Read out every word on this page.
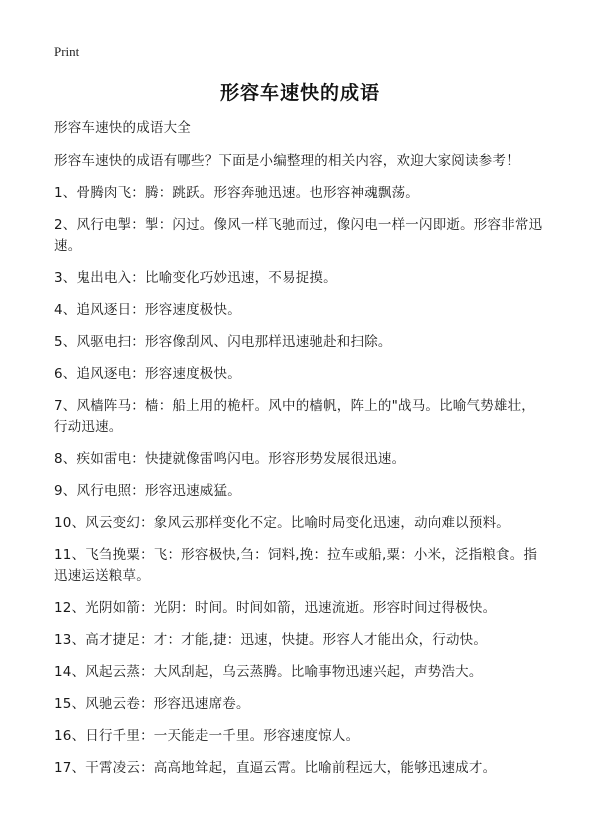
Print
形容车速快的成语

形容车速快的成语大全

形容车速快的成语有哪些？下面是小编整理的相关内容，欢迎大家阅读参考！

1、骨腾肉飞：腾：跳跃。形容奔驰迅速。也形容神魂飘荡。

2、风行电掣：掣：闪过。像风一样飞驰而过，像闪电一样一闪即逝。形容非常迅速。

3、鬼出电入：比喻变化巧妙迅速，不易捉摸。

4、追风逐日：形容速度极快。

5、风驱电扫：形容像刮风、闪电那样迅速驰赴和扫除。

6、追风逐电：形容速度极快。

7、风樯阵马：樯：船上用的桅杆。风中的樯帆，阵上的"战马。比喻气势雄壮，行动迅速。

8、疾如雷电：快捷就像雷鸣闪电。形容形势发展很迅速。

9、风行电照：形容迅速威猛。

10、风云变幻：象风云那样变化不定。比喻时局变化迅速，动向难以预料。

11、飞刍挽粟：飞：形容极快,刍：饲料,挽：拉车或船,粟：小米，泛指粮食。指迅速运送粮草。

12、光阴如箭：光阴：时间。时间如箭，迅速流逝。形容时间过得极快。

13、高才捷足：才：才能,捷：迅速，快捷。形容人才能出众，行动快。

14、风起云蒸：大风刮起，乌云蒸腾。比喻事物迅速兴起，声势浩大。

15、风驰云卷：形容迅速席卷。

16、日行千里：一天能走一千里。形容速度惊人。

17、干霄凌云：高高地耸起，直逼云霄。比喻前程远大，能够迅速成才。
